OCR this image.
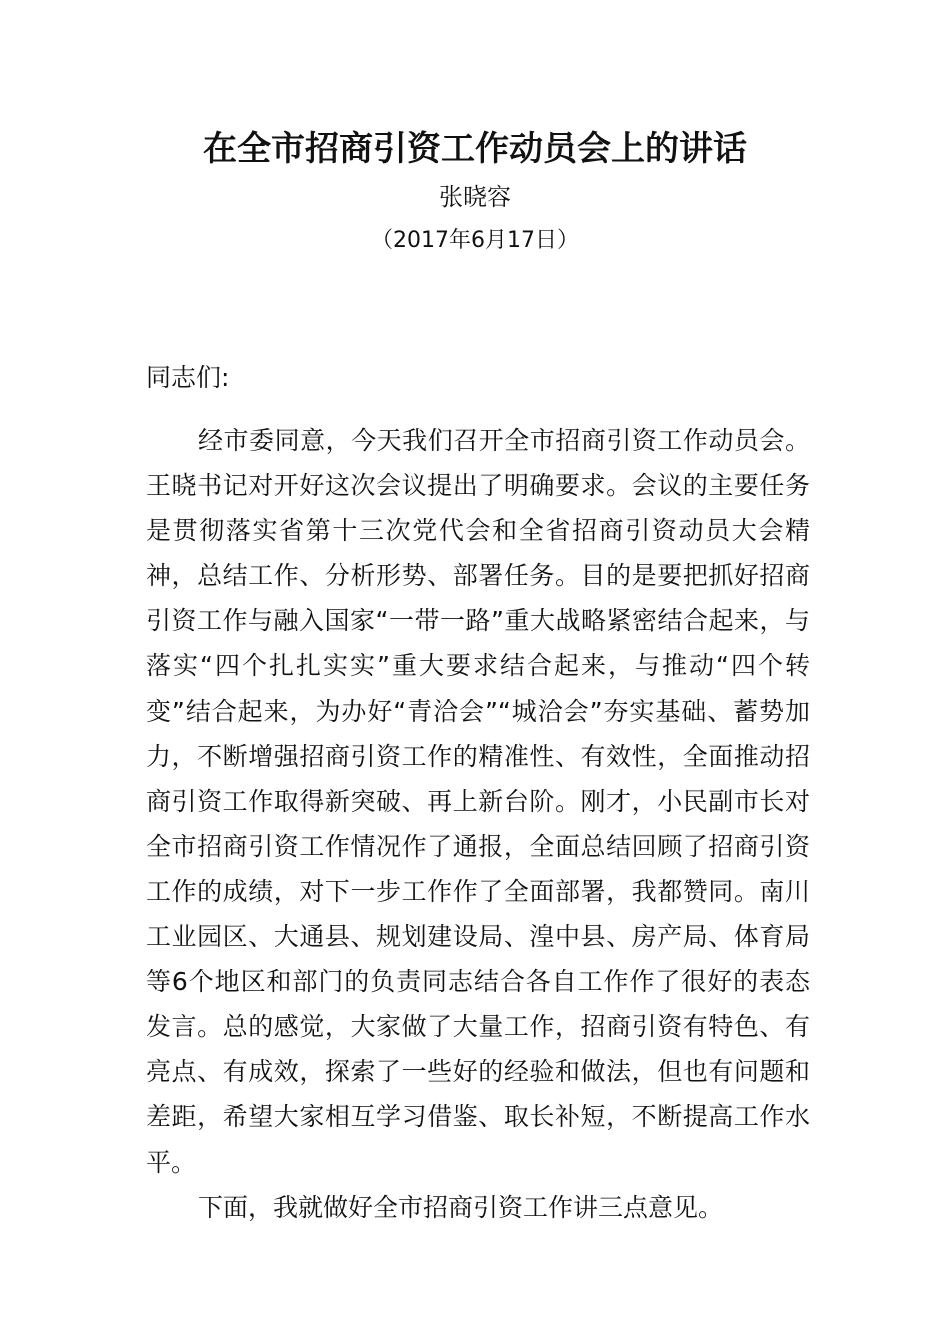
在全市招商引资工作动员会上的讲话
张晓容
（2017年6月17日）
同志们:

经市委同意，今天我们召开全市招商引资工作动员会。王晓书记对开好这次会议提出了明确要求。会议的主要任务是贯彻落实省第十三次党代会和全省招商引资动员大会精神，总结工作、分析形势、部署任务。目的是要把抓好招商引资工作与融入国家“一带一路”重大战略紧密结合起来，与落实“四个扎扎实实”重大要求结合起来，与推动“四个转变”结合起来，为办好“青洽会”“城洽会”夯实基础、蓄势加力，不断增强招商引资工作的精准性、有效性，全面推动招商引资工作取得新突破、再上新台阶。刚才，小民副市长对全市招商引资工作情况作了通报，全面总结回顾了招商引资工作的成绩，对下一步工作作了全面部署，我都赞同。南川工业园区、大通县、规划建设局、湟中县、房产局、体育局等6个地区和部门的负责同志结合各自工作作了很好的表态发言。总的感觉，大家做了大量工作，招商引资有特色、有亮点、有成效，探索了一些好的经验和做法，但也有问题和差距，希望大家相互学习借鉴、取长补短，不断提高工作水平。

下面，我就做好全市招商引资工作讲三点意见。
